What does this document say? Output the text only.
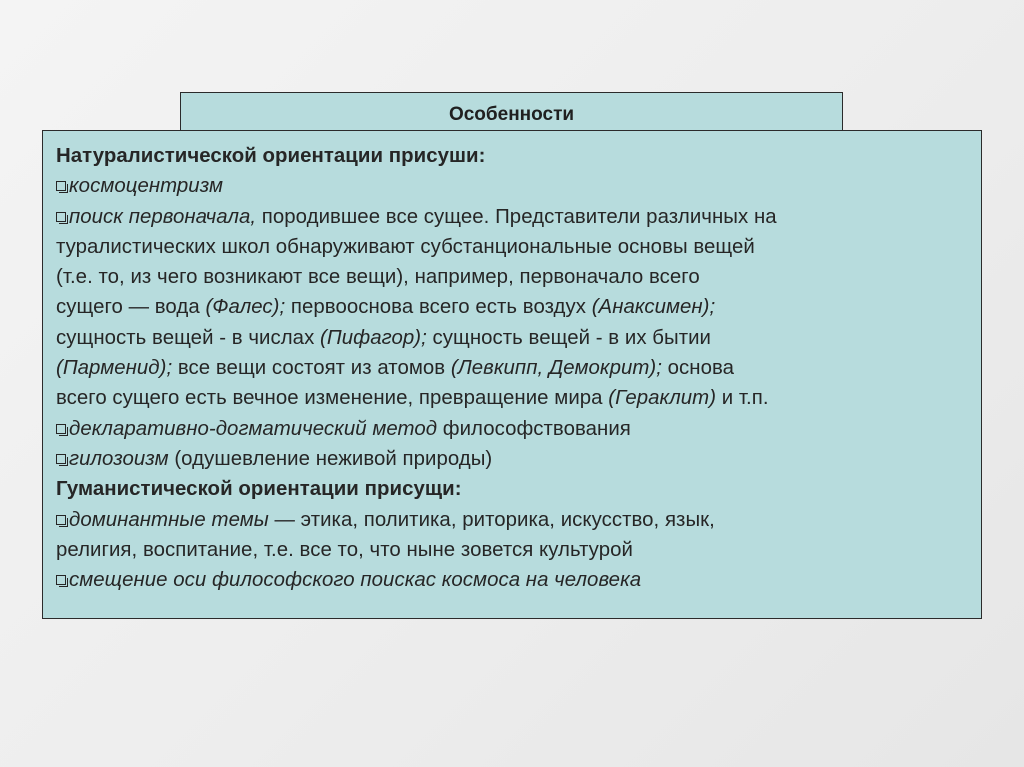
Особенности
Натуралистической ориентации присуши:
космоцентризм
поиск первоначала, породившее все сущее. Представители различных на
туралистических школ обнаруживают субстанциональные основы вещей
(т.е. то, из чего возникают все вещи), например, первоначало всего
сущего — вода (Фалес); первооснова всего есть воздух (Анаксимен);
сущность вещей - в числах (Пифагор); сущность вещей - в их бытии
(Парменид); все вещи состоят из атомов (Левкипп, Демокрит); основа
всего сущего есть вечное изменение, превращение мира (Гераклит) и т.п.
декларативно-догматический метод философствования
гилозоизм (одушевление неживой природы)
Гуманистической ориентации присущи:
доминантные темы — этика, политика, риторика, искусство, язык,
религия, воспитание, т.е. все то, что ныне зовется культурой
смещение оси философского поискас космоса на человека
